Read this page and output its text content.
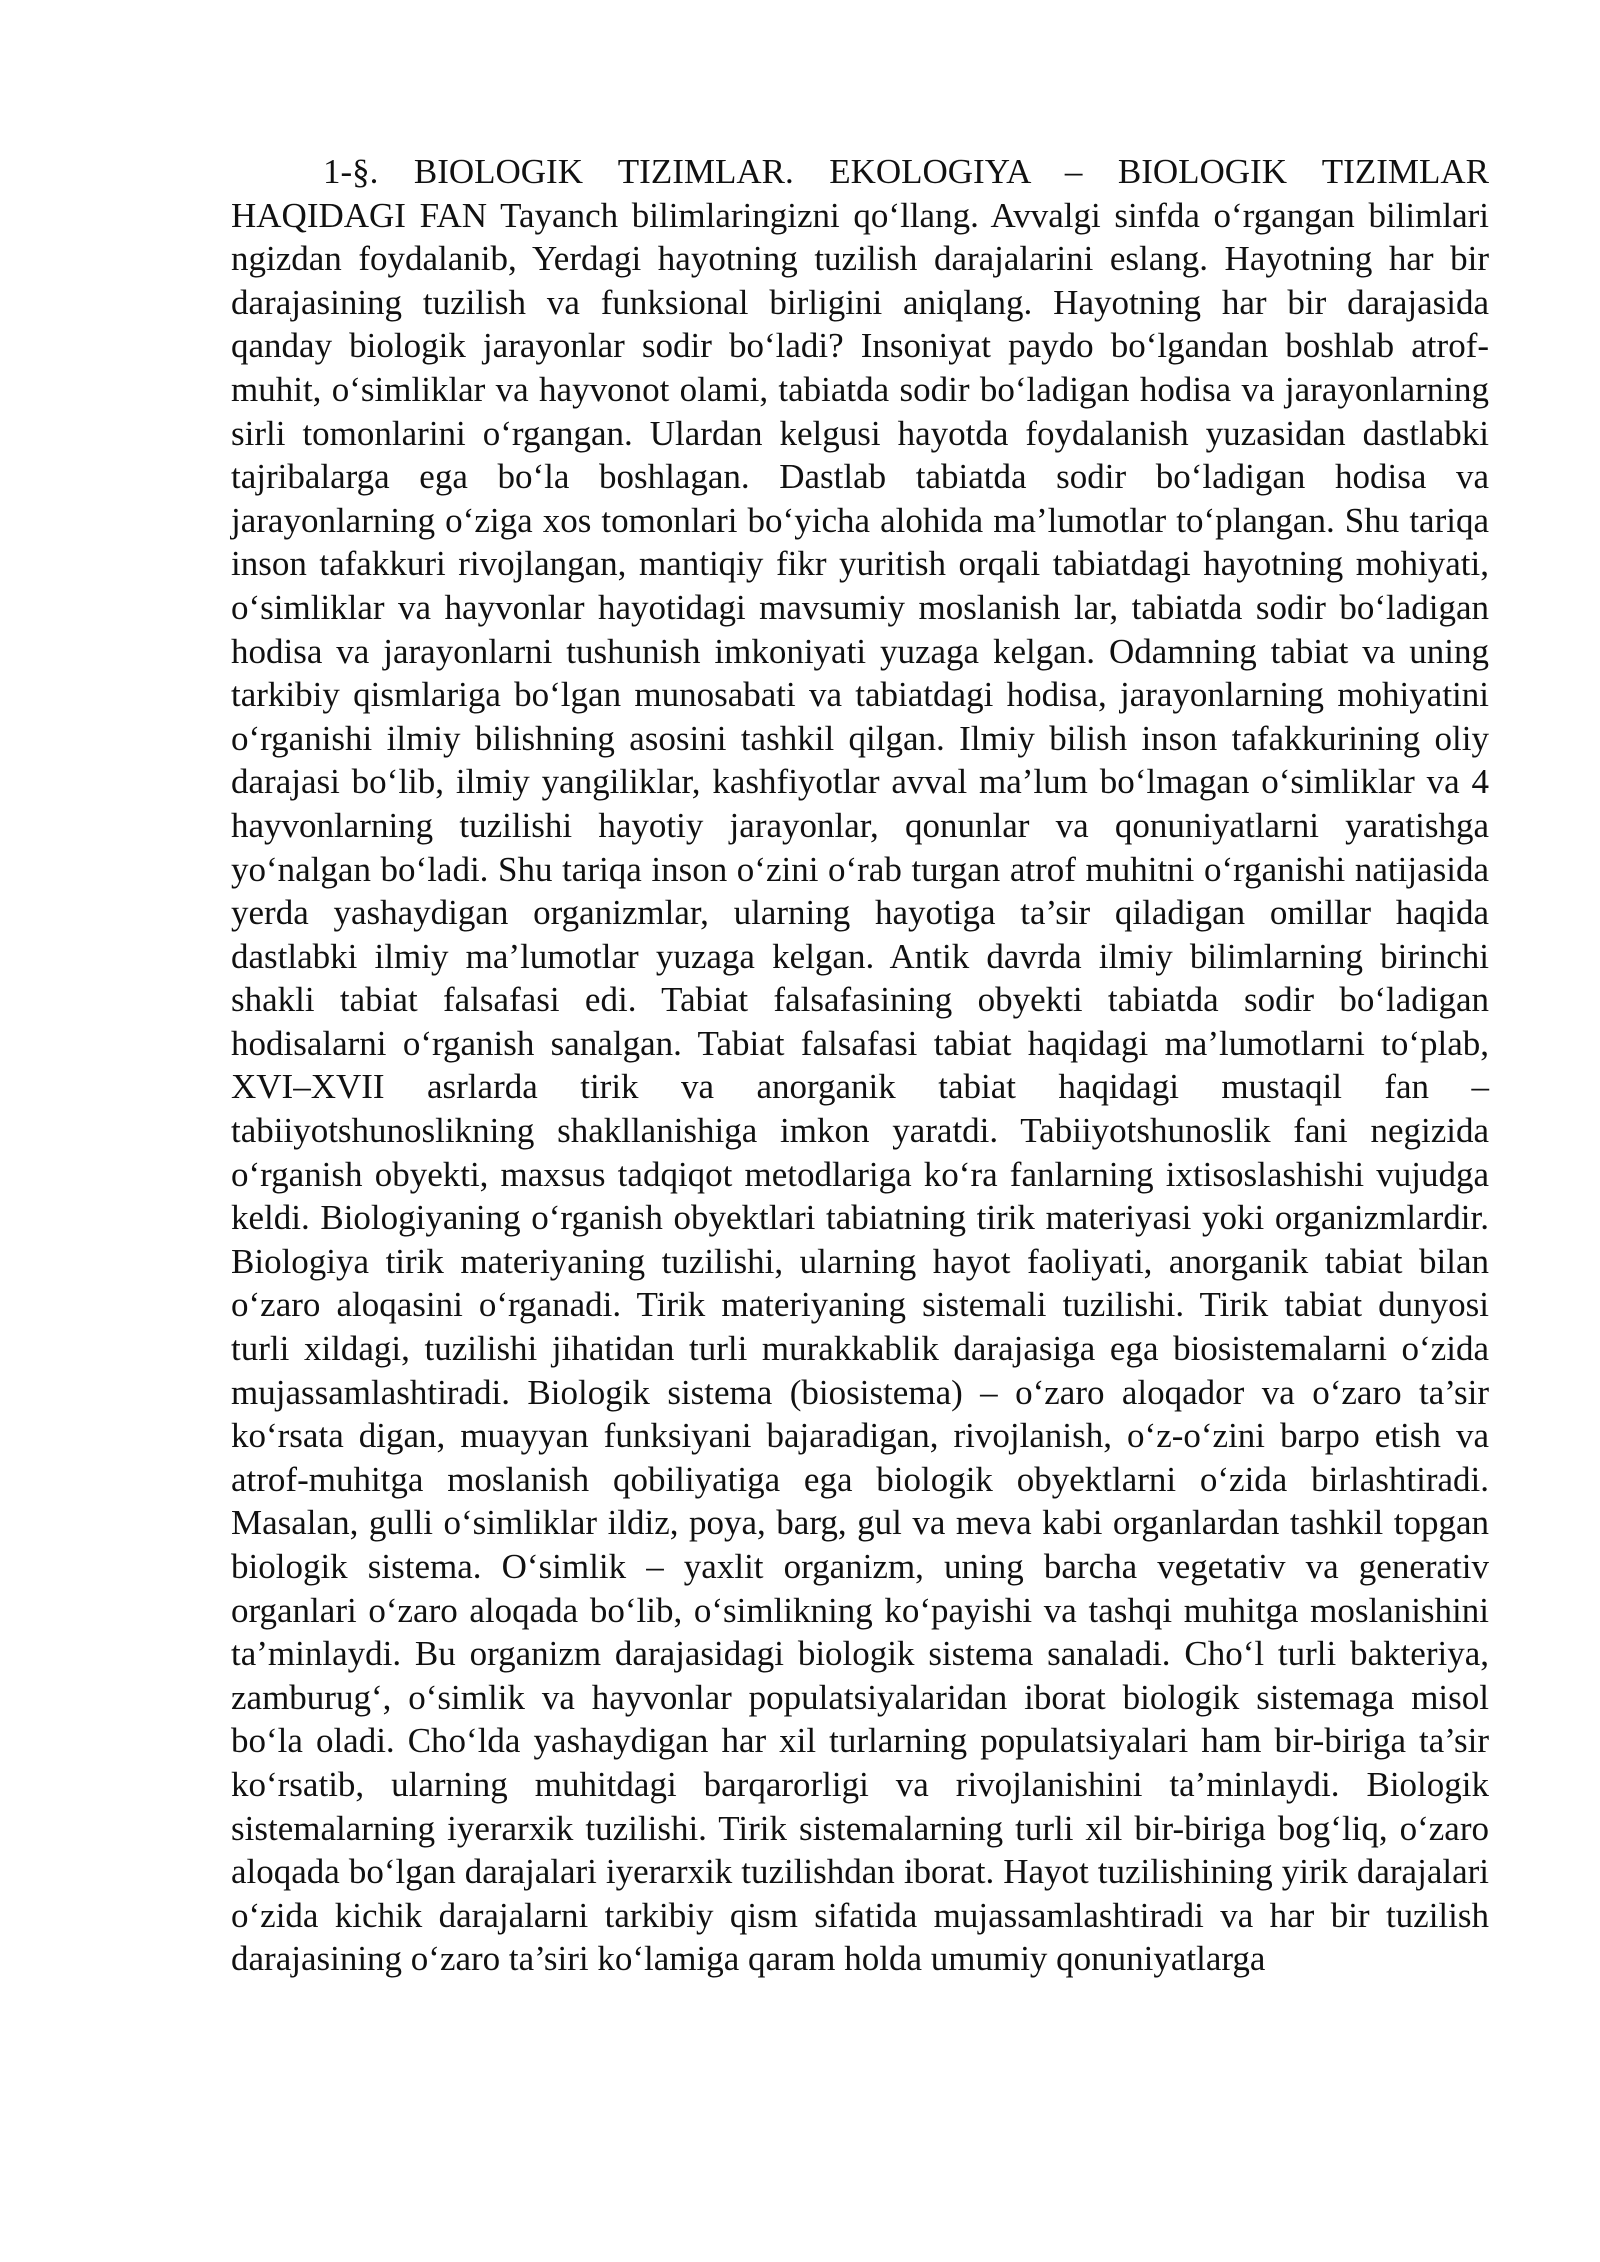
1-§. BIOLOGIK TIZIMLAR. EKOLOGIYA – BIOLOGIK TIZIMLAR HAQIDAGI FAN Tayanch bilimlaringizni qo‘llang. Avvalgi sinfda o‘rgangan bilimlari ngizdan foydalanib, Yerdagi hayotning tuzilish darajalarini eslang. Hayotning har bir darajasining tuzilish va funksional birligini aniqlang. Hayotning har bir darajasida qanday biologik jarayonlar sodir bo‘ladi? Insoniyat paydo bo‘lgandan boshlab atrof-muhit, o‘simliklar va hayvonot olami, tabiatda sodir bo‘ladigan hodisa va jarayonlarning sirli tomonlarini o‘rgangan. Ulardan kelgusi hayotda foydalanish yuzasidan dastlabki tajribalarga ega bo‘la boshlagan. Dastlab tabiatda sodir bo‘ladigan hodisa va jarayonlarning o‘ziga xos tomonlari bo‘yicha alohida ma’lumotlar to‘plangan. Shu tariqa inson tafakkuri rivojlangan, mantiqiy fikr yuritish orqali tabiatdagi hayotning mohiyati, o‘simliklar va hayvonlar hayotidagi mavsumiy moslanish lar, tabiatda sodir bo‘ladigan hodisa va jarayonlarni tushunish imkoniyati yuzaga kelgan. Odamning tabiat va uning tarkibiy qismlariga bo‘lgan munosabati va tabiatdagi hodisa, jarayonlarning mohiyatini o‘rganishi ilmiy bilishning asosini tashkil qilgan. Ilmiy bilish inson tafakkurining oliy darajasi bo‘lib, ilmiy yangiliklar, kashfiyotlar avval ma’lum bo‘lmagan o‘simliklar va 4 hayvonlarning tuzilishi hayotiy jarayonlar, qonunlar va qonuniyatlarni yaratishga yo‘nalgan bo‘ladi. Shu tariqa inson o‘zini o‘rab turgan atrof muhitni o‘rganishi natijasida yerda yashaydigan organizmlar, ularning hayotiga ta’sir qiladigan omillar haqida dastlabki ilmiy ma’lumotlar yuzaga kelgan. Antik davrda ilmiy bilimlarning birinchi shakli tabiat falsafasi edi. Tabiat falsafasining obyekti tabiatda sodir bo‘ladigan hodisalarni o‘rganish sanalgan. Tabiat falsafasi tabiat haqidagi ma’lumotlarni to‘plab, XVI–XVII asrlarda tirik va anorganik tabiat haqidagi mustaqil fan – tabiiyotshunoslikning shakllanishiga imkon yaratdi. Tabiiyotshunoslik fani negizida o‘rganish obyekti, maxsus tadqiqot metodlariga ko‘ra fanlarning ixtisoslashishi vujudga keldi. Biologiyaning o‘rganish obyektlari tabiatning tirik materiyasi yoki organizmlardir. Biologiya tirik materiyaning tuzilishi, ularning hayot faoliyati, anorganik tabiat bilan o‘zaro aloqasini o‘rganadi. Tirik materiyaning sistemali tuzilishi. Tirik tabiat dunyosi turli xildagi, tuzilishi jihatidan turli murakkablik darajasiga ega biosistemalarni o‘zida mujassamlashtiradi. Biologik sistema (biosistema) – o‘zaro aloqador va o‘zaro ta’sir ko‘rsata digan, muayyan funksiyani bajaradigan, rivojlanish, o‘z-o‘zini barpo etish va atrof-muhitga moslanish qobiliyatiga ega biologik obyektlarni o‘zida birlashtiradi. Masalan, gulli o‘simliklar ildiz, poya, barg, gul va meva kabi organlardan tashkil topgan biologik sistema. O‘simlik – yaxlit organizm, uning barcha vegetativ va generativ organlari o‘zaro aloqada bo‘lib, o‘simlikning ko‘payishi va tashqi muhitga moslanishini ta’minlaydi. Bu organizm darajasidagi biologik sistema sanaladi. Cho‘l turli bakteriya, zamburug‘, o‘simlik va hayvonlar populatsiyalaridan iborat biologik sistemaga misol bo‘la oladi. Cho‘lda yashaydigan har xil turlarning populatsiyalari ham bir-biriga ta’sir ko‘rsatib, ularning muhitdagi barqarorligi va rivojlanishini ta’minlaydi. Biologik sistemalarning iyerarxik tuzilishi. Tirik sistemalarning turli xil bir-biriga bog‘liq, o‘zaro aloqada bo‘lgan darajalari iyerarxik tuzilishdan iborat. Hayot tuzilishining yirik darajalari o‘zida kichik darajalarni tarkibiy qism sifatida mujassamlashtiradi va har bir tuzilish darajasining o‘zaro ta’siri ko‘lamiga qaram holda umumiy qonuniyatlarga
